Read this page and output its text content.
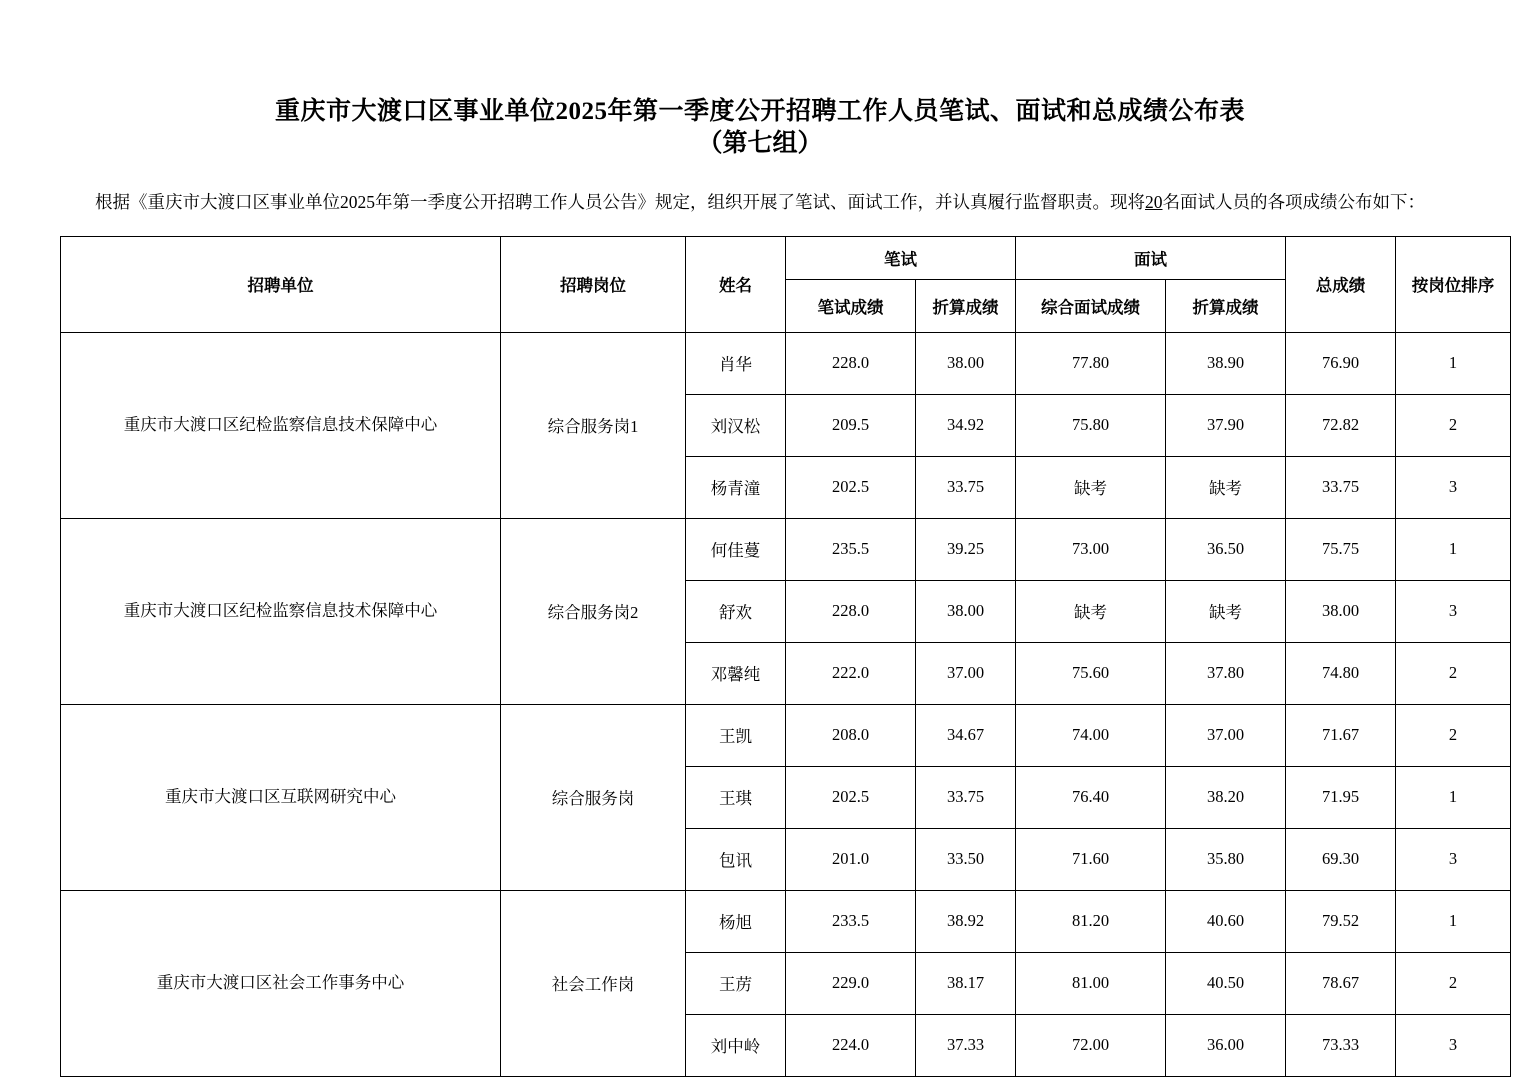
重庆市大渡口区事业单位2025年第一季度公开招聘工作人员笔试、面试和总成绩公布表
（第七组）

根据《重庆市大渡口区事业单位2025年第一季度公开招聘工作人员公告》规定，组织开展了笔试、面试工作，并认真履行监督职责。现将20名面试人员的各项成绩公布如下：

招聘单位	招聘岗位	姓名	笔试		面试		总成绩	按岗位排序
			笔试成绩	折算成绩	综合面试成绩	折算成绩		
重庆市大渡口区纪检监察信息技术保障中心	综合服务岗1	肖华	228.0	38.00	77.80	38.90	76.90	1
		刘汉松	209.5	34.92	75.80	37.90	72.82	2
		杨青潼	202.5	33.75	缺考	缺考	33.75	3
重庆市大渡口区纪检监察信息技术保障中心	综合服务岗2	何佳蔓	235.5	39.25	73.00	36.50	75.75	1
		舒欢	228.0	38.00	缺考	缺考	38.00	3
		邓馨纯	222.0	37.00	75.60	37.80	74.80	2
重庆市大渡口区互联网研究中心	综合服务岗	王凯	208.0	34.67	74.00	37.00	71.67	2
		王琪	202.5	33.75	76.40	38.20	71.95	1
		包讯	201.0	33.50	71.60	35.80	69.30	3
重庆市大渡口区社会工作事务中心	社会工作岗	杨旭	233.5	38.92	81.20	40.60	79.52	1
		王苈	229.0	38.17	81.00	40.50	78.67	2
		刘中岭	224.0	37.33	72.00	36.00	73.33	3
